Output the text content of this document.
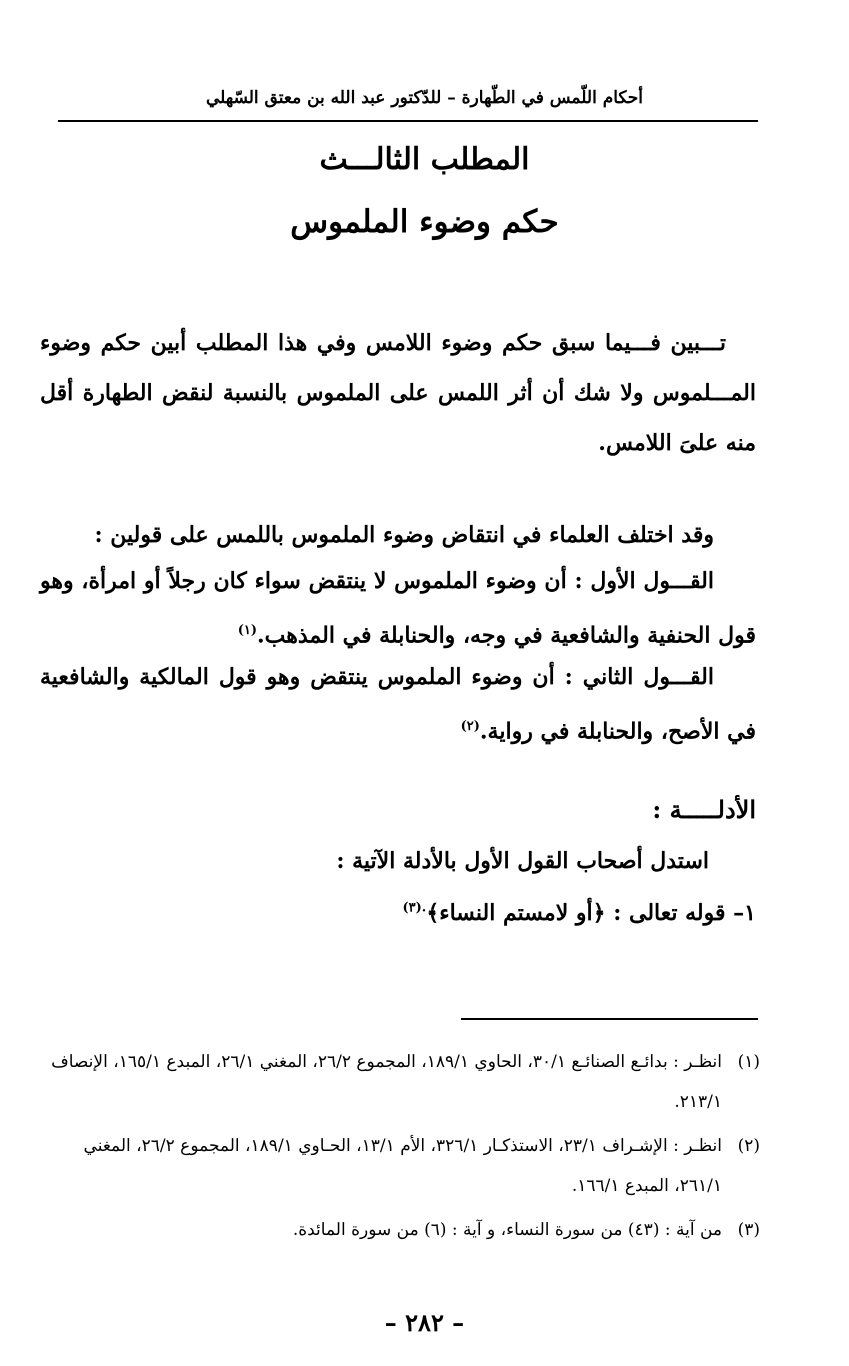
أحكام اللّمس في الطّهارة – للدّكتور عبد الله بن معتق السّهلي
المطلب الثالـــث
حكم وضوء الملموس

تـــبين فـــيما سبق حكم وضوء اللامس وفي هذا المطلب أبين حكم وضوء المـــلموس ولا شك أن أثر اللمس على الملموس بالنسبة لنقض الطهارة أقل منه علىَ اللامس.

وقد اختلف العلماء في انتقاض وضوء الملموس باللمس على قولين :

القـــول الأول : أن وضوء الملموس لا ينتقض سواء كان رجلاً أو امرأة، وهو قول الحنفية والشافعية في وجه، والحنابلة في المذهب.$^{(١)}$

القـــول الثاني : أن وضوء الملموس ينتقض وهو قول المالكية والشافعية في الأصح، والحنابلة في رواية.$^{(٢)}$

الأدلـــــة :
استدل أصحاب القول الأول بالأدلة الآتية :
١– قوله تعالى : ﴿أو لامستم النساء﴾$^{.(٣)}$
(١)انظـر : بدائـع الصنائـع ٣٠/١، الحاوي ١٨٩/١، المجموع ٢٦/٢، المغني ٢٦/١، المبدع ١٦٥/١، الإنصاف ٢١٣/١.
(٢)انظـر : الإشـراف ٢٣/١، الاستذكـار ٣٢٦/١، الأم ١٣/١، الحـاوي ١٨٩/١، المجموع ٢٦/٢، المغني ٢٦١/١، المبدع ١٦٦/١.
(٣)من آية : (٤٣) من سورة النساء، و آية : (٦) من سورة المائدة.
– ٢٨٢ –
